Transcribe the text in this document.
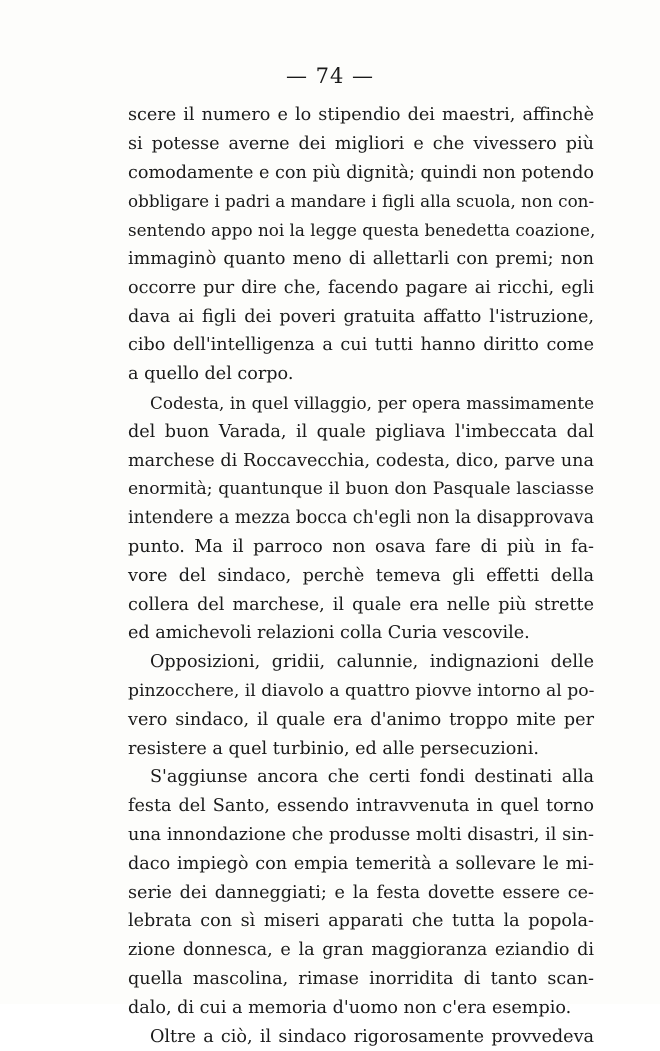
— 74 —
scere il numero e lo stipendio dei maestri, affinchè
si potesse averne dei migliori e che vivessero più
comodamente e con più dignità; quindi non potendo
obbligare i padri a mandare i figli alla scuola, non con-
sentendo appo noi la legge questa benedetta coazione,
immaginò quanto meno di allettarli con premi; non
occorre pur dire che, facendo pagare ai ricchi, egli
dava ai figli dei poveri gratuita affatto l'istruzione,
cibo dell'intelligenza a cui tutti hanno diritto come
a quello del corpo.
Codesta, in quel villaggio, per opera massimamente
del buon Varada, il quale pigliava l'imbeccata dal
marchese di Roccavecchia, codesta, dico, parve una
enormità; quantunque il buon don Pasquale lasciasse
intendere a mezza bocca ch'egli non la disapprovava
punto. Ma il parroco non osava fare di più in fa-
vore del sindaco, perchè temeva gli effetti della
collera del marchese, il quale era nelle più strette
ed amichevoli relazioni colla Curia vescovile.
Opposizioni, gridii, calunnie, indignazioni delle
pinzocchere, il diavolo a quattro piovve intorno al po-
vero sindaco, il quale era d'animo troppo mite per
resistere a quel turbinio, ed alle persecuzioni.
S'aggiunse ancora che certi fondi destinati alla
festa del Santo, essendo intravvenuta in quel torno
una innondazione che produsse molti disastri, il sin-
daco impiegò con empia temerità a sollevare le mi-
serie dei danneggiati; e la festa dovette essere ce-
lebrata con sì miseri apparati che tutta la popola-
zione donnesca, e la gran maggioranza eziandio di
quella mascolina, rimase inorridita di tanto scan-
dalo, di cui a memoria d'uomo non c'era esempio.
Oltre a ciò, il sindaco rigorosamente provvedeva
